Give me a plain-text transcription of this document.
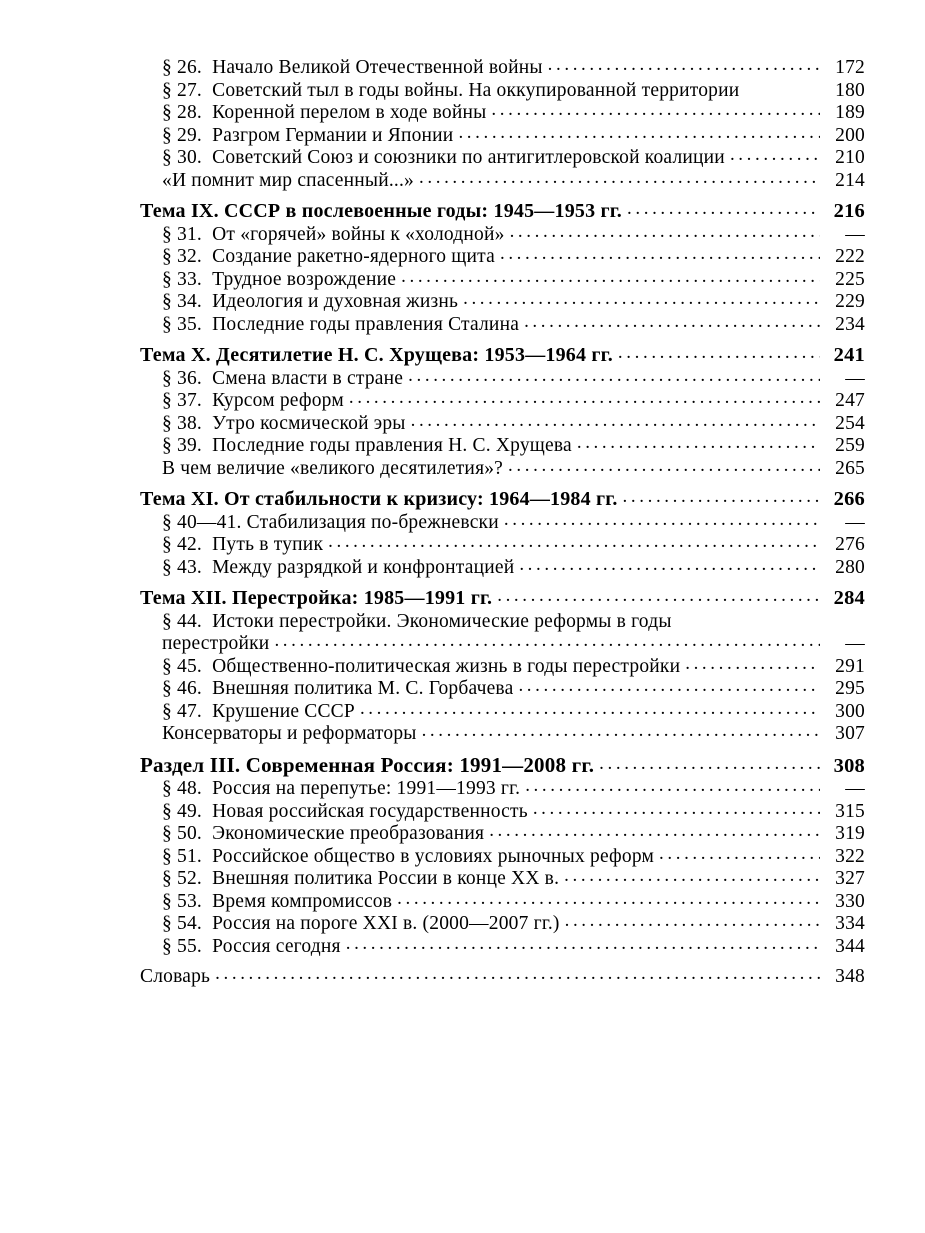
§ 26.  Начало Великой Отечественной войны .....	172
§ 27.  Советский тыл в годы войны. На оккупированной территории	180
§ 28.  Коренной перелом в ходе войны .....	189
§ 29.  Разгром Германии и Японии .....	200
§ 30.  Советский Союз и союзники по антигитлеровской коалиции .....	210
«И помнит мир спасенный...» .....	214
Тема IX. СССР в послевоенные годы: 1945—1953 гг. .....	216
§ 31.  От «горячей» войны к «холодной» .....	—
§ 32.  Создание ракетно-ядерного щита .....	222
§ 33.  Трудное возрождение .....	225
§ 34.  Идеология и духовная жизнь .....	229
§ 35.  Последние годы правления Сталина .....	234
Тема X. Десятилетие Н. С. Хрущева: 1953—1964 гг. .....	241
§ 36.  Смена власти в стране .....	—
§ 37.  Курсом реформ .....	247
§ 38.  Утро космической эры .....	254
§ 39.  Последние годы правления Н. С. Хрущева .....	259
В чем величие «великого десятилетия»? .....	265
Тема XI. От стабильности к кризису: 1964—1984 гг. .....	266
§ 40—41. Стабилизация по-брежневски .....	—
§ 42.  Путь в тупик .....	276
§ 43.  Между разрядкой и конфронтацией .....	280
Тема XII. Перестройка: 1985—1991 гг. .....	284
§ 44.  Истоки перестройки. Экономические реформы в годы
перестройки .....	—
§ 45.  Общественно-политическая жизнь в годы перестройки .....	291
§ 46.  Внешняя политика М. С. Горбачева .....	295
§ 47.  Крушение СССР .....	300
Консерваторы и реформаторы .....	307
Раздел III. Современная Россия: 1991—2008 гг. .....	308
§ 48.  Россия на перепутье: 1991—1993 гг. .....	—
§ 49.  Новая российская государственность .....	315
§ 50.  Экономические преобразования .....	319
§ 51.  Российское общество в условиях рыночных реформ .....	322
§ 52.  Внешняя политика России в конце XX в. .....	327
§ 53.  Время компромиссов .....	330
§ 54.  Россия на пороге XXI в. (2000—2007 гг.) .....	334
§ 55.  Россия сегодня .....	344
Словарь .....	348
